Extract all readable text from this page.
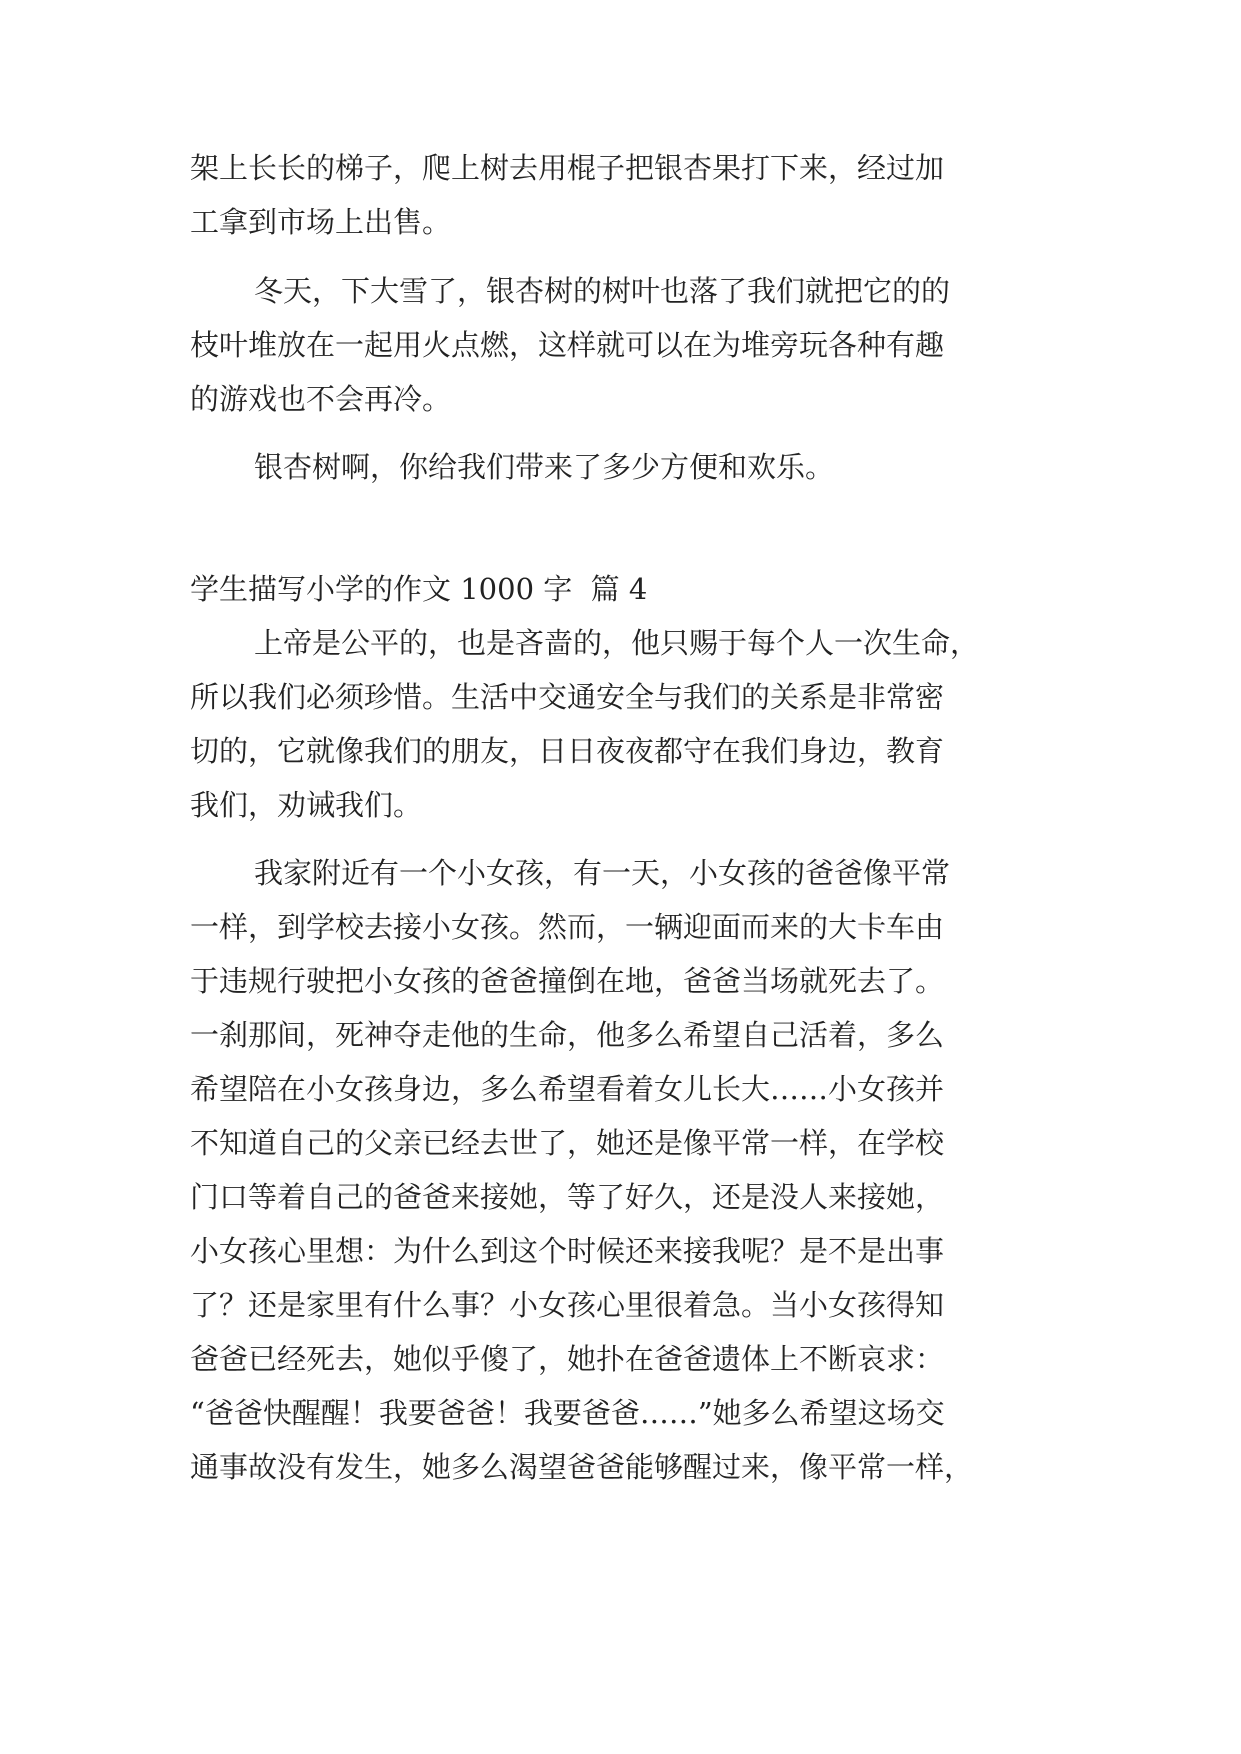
架上长长的梯子，爬上树去用棍子把银杏果打下来，经过加

工拿到市场上出售。

冬天，下大雪了，银杏树的树叶也落了我们就把它的的

枝叶堆放在一起用火点燃，这样就可以在为堆旁玩各种有趣

的游戏也不会再冷。

银杏树啊，你给我们带来了多少方便和欢乐。

学生描写小学的作文 1000 字  篇 4

上帝是公平的，也是吝啬的，他只赐于每个人一次生命，

所以我们必须珍惜。生活中交通安全与我们的关系是非常密

切的，它就像我们的朋友，日日夜夜都守在我们身边，教育

我们，劝诫我们。

我家附近有一个小女孩，有一天，小女孩的爸爸像平常

一样，到学校去接小女孩。然而，一辆迎面而来的大卡车由

于违规行驶把小女孩的爸爸撞倒在地，爸爸当场就死去了。

一刹那间，死神夺走他的生命，他多么希望自己活着，多么

希望陪在小女孩身边，多么希望看着女儿长大……小女孩并

不知道自己的父亲已经去世了，她还是像平常一样，在学校

门口等着自己的爸爸来接她，等了好久，还是没人来接她，

小女孩心里想：为什么到这个时候还来接我呢？是不是出事

了？还是家里有什么事？小女孩心里很着急。当小女孩得知

爸爸已经死去，她似乎傻了，她扑在爸爸遗体上不断哀求：

“爸爸快醒醒！我要爸爸！我要爸爸……”她多么希望这场交

通事故没有发生，她多么渴望爸爸能够醒过来，像平常一样，
